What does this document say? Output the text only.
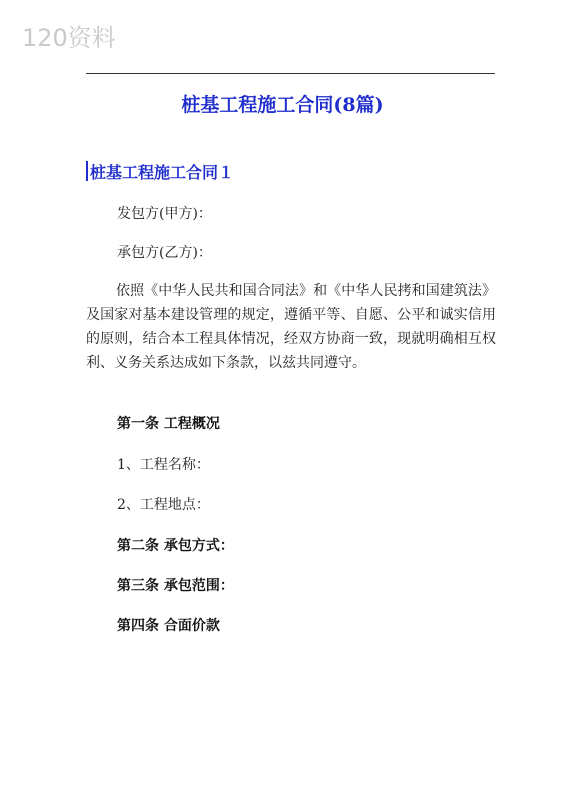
120资料
桩基工程施工合同(8篇)
桩基工程施工合同１
发包方(甲方)：
承包方(乙方)：
依照《中华人民共和国合同法》和《中华人民拷和国建筑法》及国家对基本建设管理的规定，遵循平等、自愿、公平和诚实信用的原则，结合本工程具体情况，经双方协商一致，现就明确相互权利、义务关系达成如下条款，以兹共同遵守。
第一条 工程概况
1、工程名称：
2、工程地点：
第二条 承包方式：
第三条 承包范围：
第四条 合面价款
